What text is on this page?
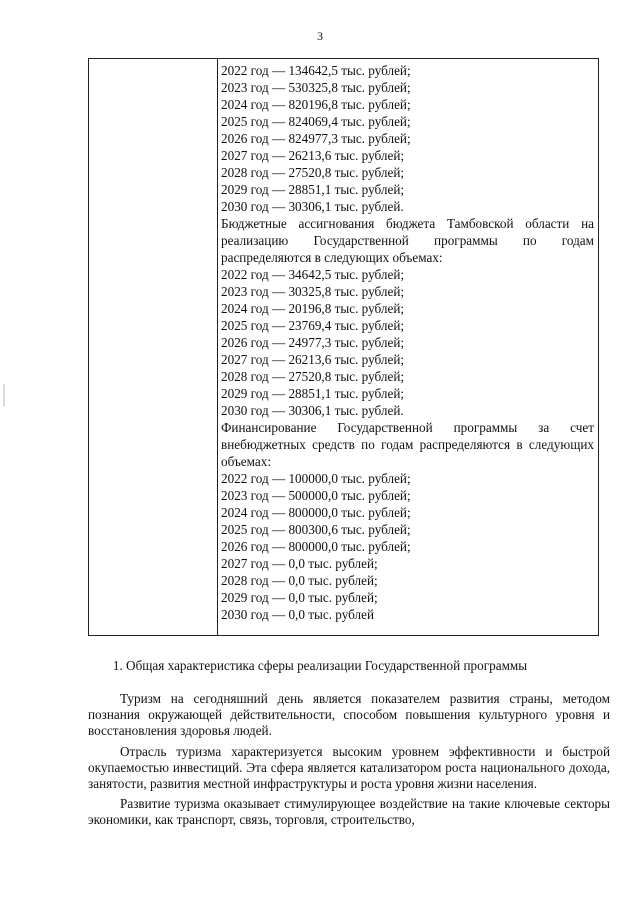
3
2022 год — 134642,5 тыс. рублей;
2023 год — 530325,8 тыс. рублей;
2024 год — 820196,8 тыс. рублей;
2025 год — 824069,4 тыс. рублей;
2026 год — 824977,3 тыс. рублей;
2027 год — 26213,6 тыс. рублей;
2028 год — 27520,8 тыс. рублей;
2029 год — 28851,1 тыс. рублей;
2030 год — 30306,1 тыс. рублей.
Бюджетные ассигнования бюджета Тамбовской области на реализацию Государственной программы по годам распределяются в следующих объемах:
2022 год — 34642,5 тыс. рублей;
2023 год — 30325,8 тыс. рублей;
2024 год — 20196,8 тыс. рублей;
2025 год — 23769,4 тыс. рублей;
2026 год — 24977,3 тыс. рублей;
2027 год — 26213,6 тыс. рублей;
2028 год — 27520,8 тыс. рублей;
2029 год — 28851,1 тыс. рублей;
2030 год — 30306,1 тыс. рублей.
Финансирование Государственной программы за счет внебюджетных средств по годам распределяются в следующих объемах:
2022 год — 100000,0 тыс. рублей;
2023 год — 500000,0 тыс. рублей;
2024 год — 800000,0 тыс. рублей;
2025 год — 800300,6 тыс. рублей;
2026 год — 800000,0 тыс. рублей;
2027 год — 0,0 тыс. рублей;
2028 год — 0,0 тыс. рублей;
2029 год — 0,0 тыс. рублей;
2030 год — 0,0 тыс. рублей
1. Общая характеристика сферы реализации Государственной программы

Туризм на сегодняшний день является показателем развития страны, методом познания окружающей действительности, способом повышения культурного уровня и восстановления здоровья людей.

Отрасль туризма характеризуется высоким уровнем эффективности и быстрой окупаемостью инвестиций. Эта сфера является катализатором роста национального дохода, занятости, развития местной инфраструктуры и роста уровня жизни населения.

Развитие туризма оказывает стимулирующее воздействие на такие ключевые секторы экономики, как транспорт, связь, торговля, строительство,
